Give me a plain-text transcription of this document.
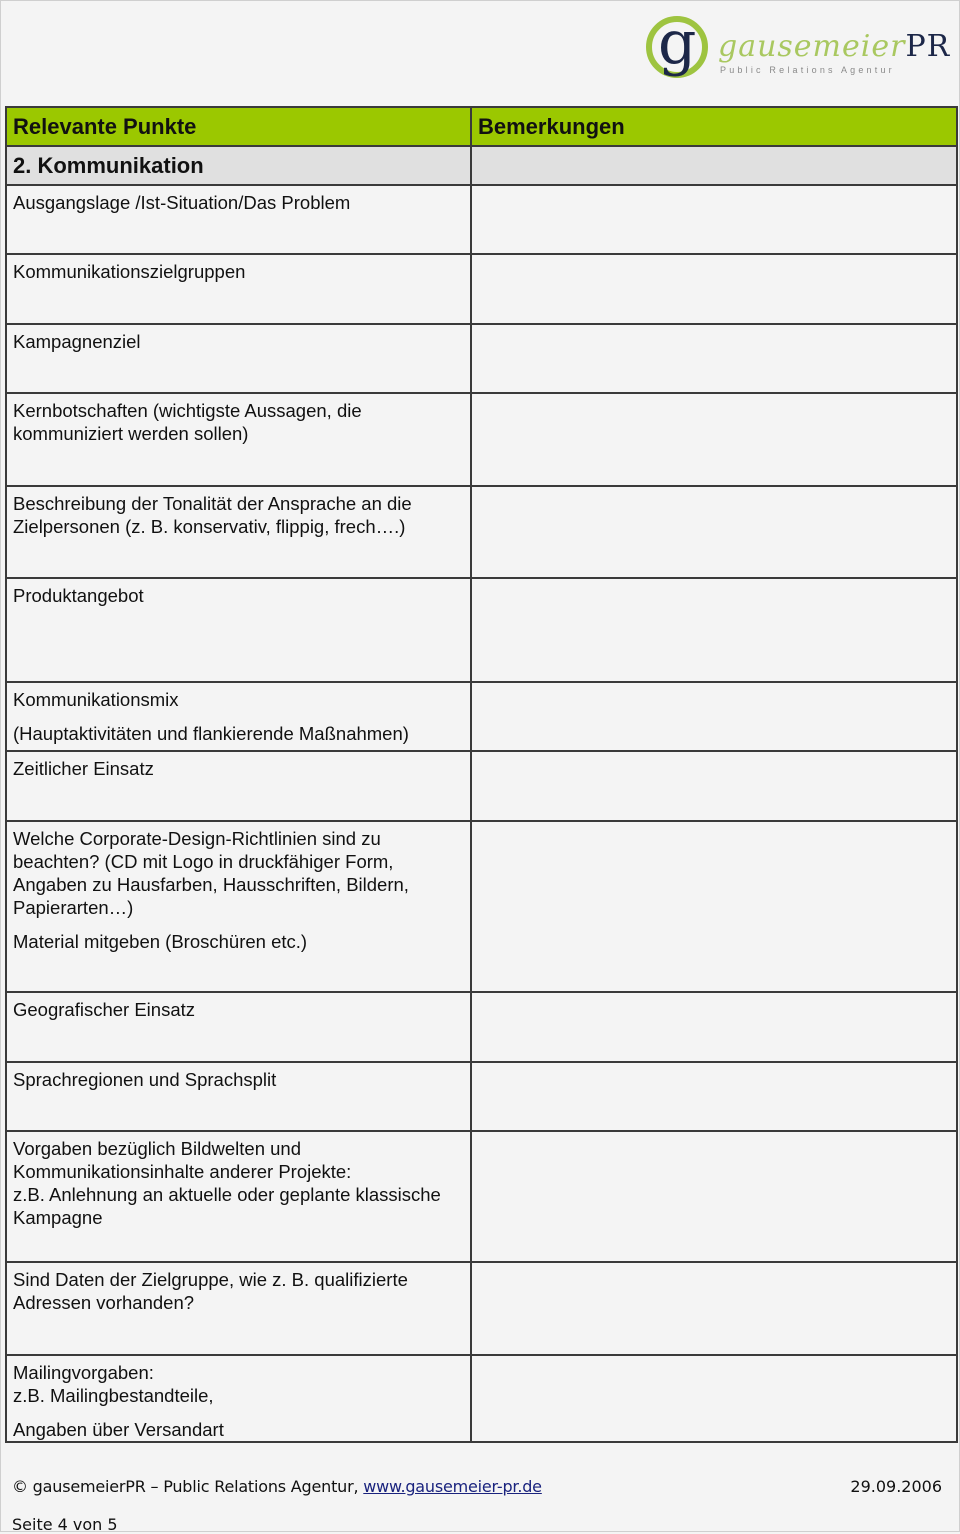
g gausemeierPR
Public Relations Agentur
Relevante Punkte	Bemerkungen
2. Kommunikation	

Ausgangslage /Ist-Situation/Das Problem	

Kommunikationszielgruppen	

Kampagnenziel	

Kernbotschaften (wichtigste Aussagen, die kommuniziert werden sollen)	

Beschreibung der Tonalität der Ansprache an die Zielpersonen (z. B. konservativ, flippig, frech….)	

Produktangebot	

Kommunikationsmix
(Hauptaktivitäten und flankierende Maßnahmen)	

Zeitlicher Einsatz	

Welche Corporate-Design-Richtlinien sind zu beachten? (CD mit Logo in druckfähiger Form, Angaben zu Hausfarben, Hausschriften, Bildern, Papierarten…)
Material mitgeben (Broschüren etc.)	

Geografischer Einsatz	

Sprachregionen und Sprachsplit	

Vorgaben bezüglich Bildwelten und Kommunikationsinhalte anderer Projekte:
z.B. Anlehnung an aktuelle oder geplante klassische Kampagne	

Sind Daten der Zielgruppe, wie z. B. qualifizierte Adressen vorhanden?	

Mailingvorgaben:
z.B. Mailingbestandteile,
Angaben über Versandart	

© gausemeierPR – Public Relations Agentur, www.gausemeier-pr.de	29.09.2006
Seite 4 von 5
